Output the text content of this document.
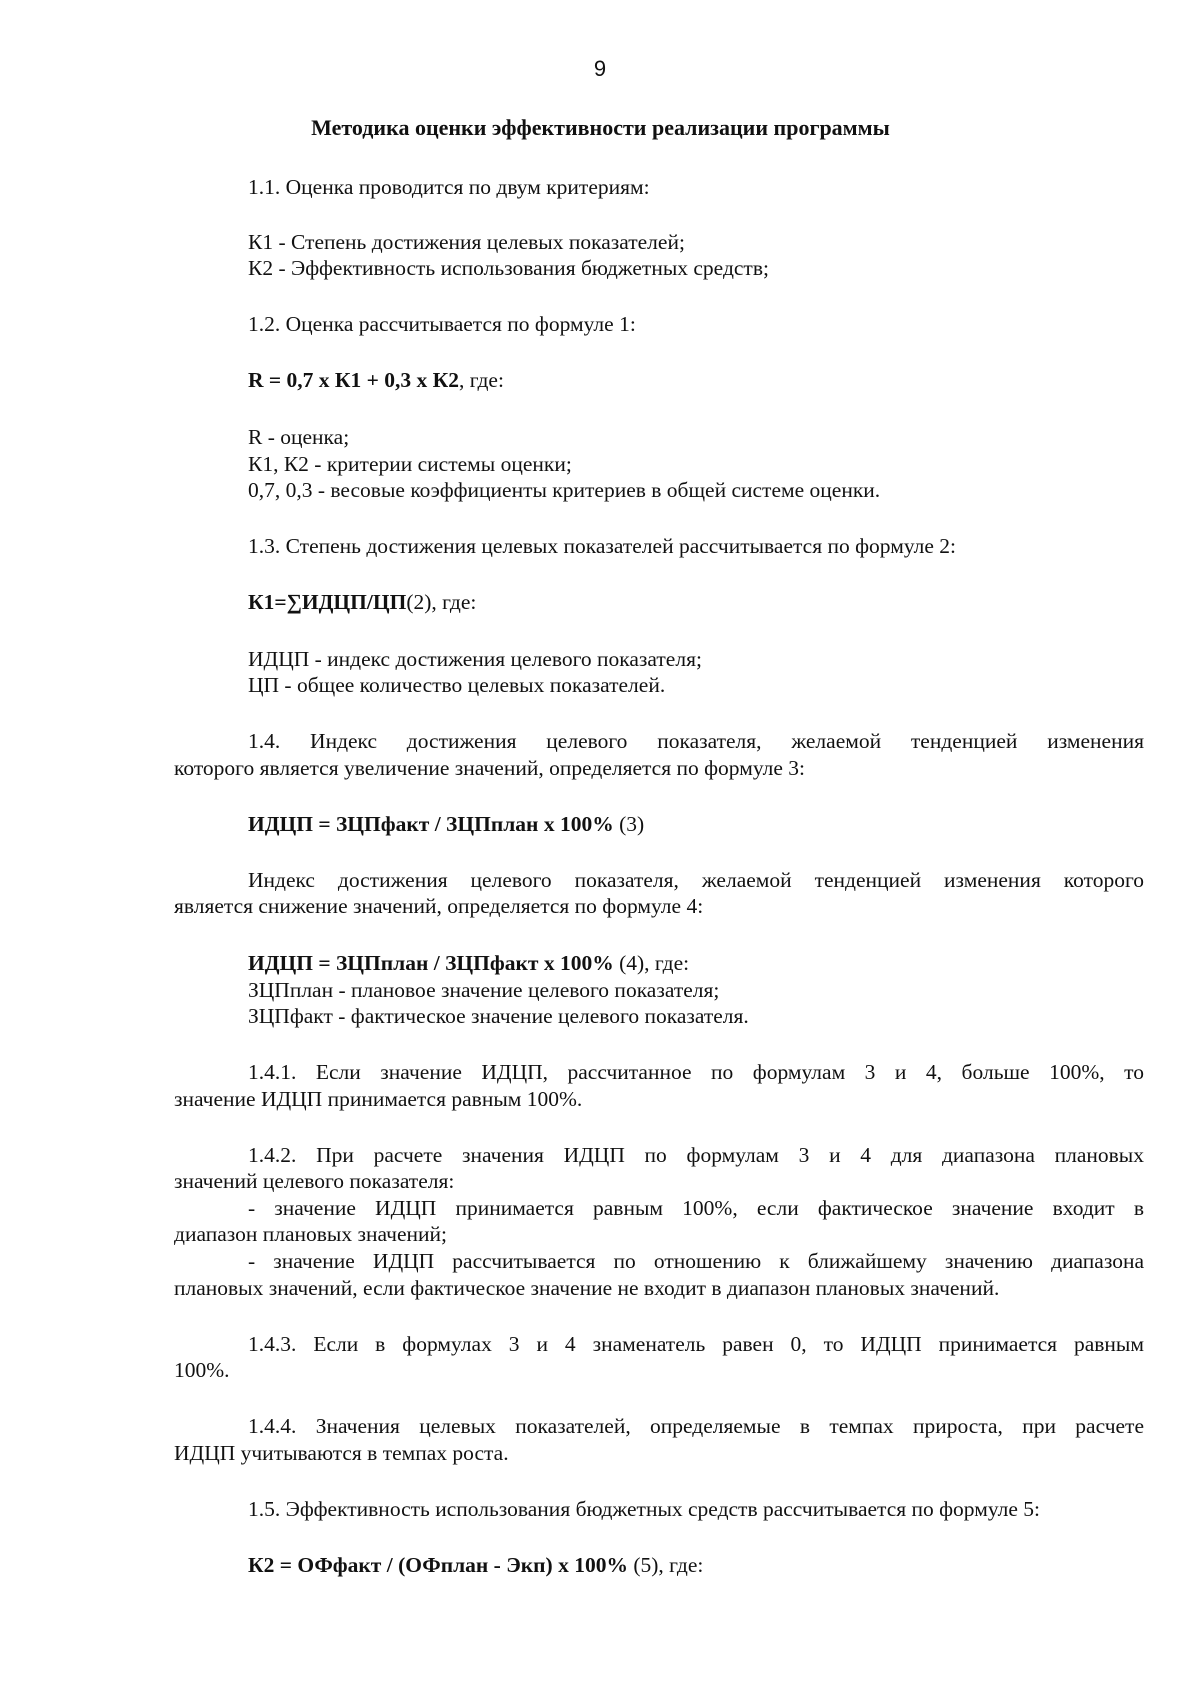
9
Методика оценки эффективности реализации программы

1.1. Оценка проводится по двум критериям:

К1 - Степень достижения целевых показателей;

К2 - Эффективность использования бюджетных средств;

1.2. Оценка рассчитывается по формуле 1:

R = 0,7 х К1 + 0,3 х К2, где:

R - оценка;

К1, К2 - критерии системы оценки;

0,7, 0,3 - весовые коэффициенты критериев в общей системе оценки.

1.3. Степень достижения целевых показателей рассчитывается по формуле 2:

К1=∑ИДЦП/ЦП(2), где:

ИДЦП - индекс достижения целевого показателя;

ЦП - общее количество целевых показателей.

1.4. Индекс достижения целевого показателя, желаемой тенденцией изменения

которого является увеличение значений, определяется по формуле 3:

ИДЦП = ЗЦПфакт / ЗЦПплан х 100% (3)

Индекс достижения целевого показателя, желаемой тенденцией изменения которого

является снижение значений, определяется по формуле 4:

ИДЦП = ЗЦПплан / ЗЦПфакт х 100% (4), где:

ЗЦПплан - плановое значение целевого показателя;

ЗЦПфакт - фактическое значение целевого показателя.

1.4.1. Если значение ИДЦП, рассчитанное по формулам 3 и 4, больше 100%, то

значение ИДЦП принимается равным 100%.

1.4.2. При расчете значения ИДЦП по формулам 3 и 4 для диапазона плановых

значений целевого показателя:

- значение ИДЦП принимается равным 100%, если фактическое значение входит в

диапазон плановых значений;

- значение ИДЦП рассчитывается по отношению к ближайшему значению диапазона

плановых значений, если фактическое значение не входит в диапазон плановых значений.

1.4.3. Если в формулах 3 и 4 знаменатель равен 0, то ИДЦП принимается равным

100%.

1.4.4. Значения целевых показателей, определяемые в темпах прироста, при расчете

ИДЦП учитываются в темпах роста.

1.5. Эффективность использования бюджетных средств рассчитывается по формуле 5:

К2 = ОФфакт / (ОФплан - Экп) х 100% (5), где:
